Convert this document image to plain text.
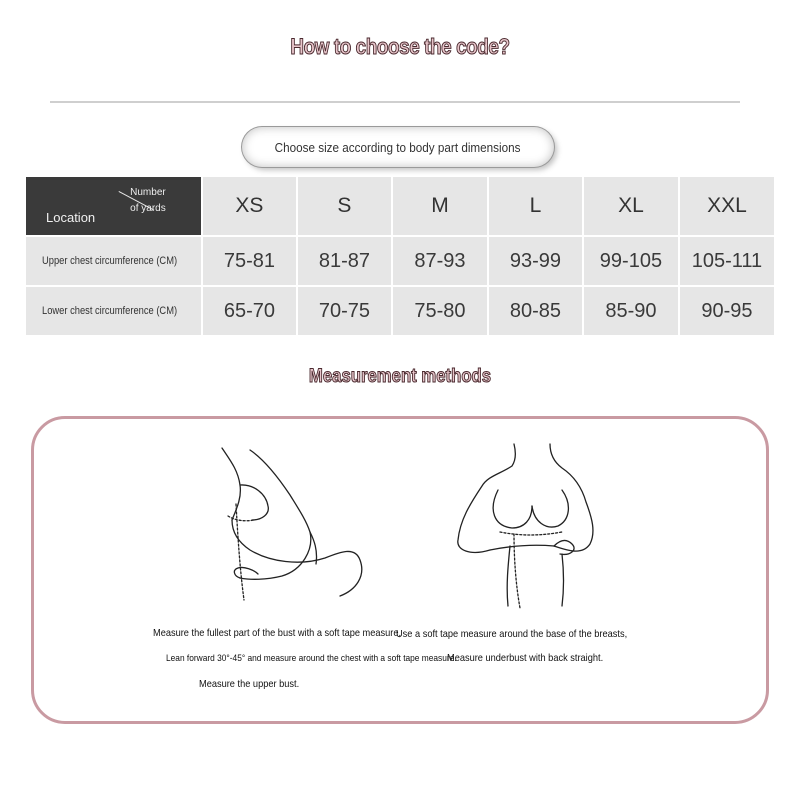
How to choose the code?
Choose size according to body part dimensions
Number of yards
Location	XS	S	M	L	XL	XXL
Upper chest circumference (CM)	75-81	81-87	87-93	93-99	99-105	105-111
Lower chest circumference (CM)	65-70	70-75	75-80	80-85	85-90	90-95
Measurement methods
Measure the fullest part of the bust with a soft tape measure,
Lean forward 30°-45° and measure around the chest with a soft tape measure.
Measure the upper bust.
Use a soft tape measure around the base of the breasts,
Measure underbust with back straight.
